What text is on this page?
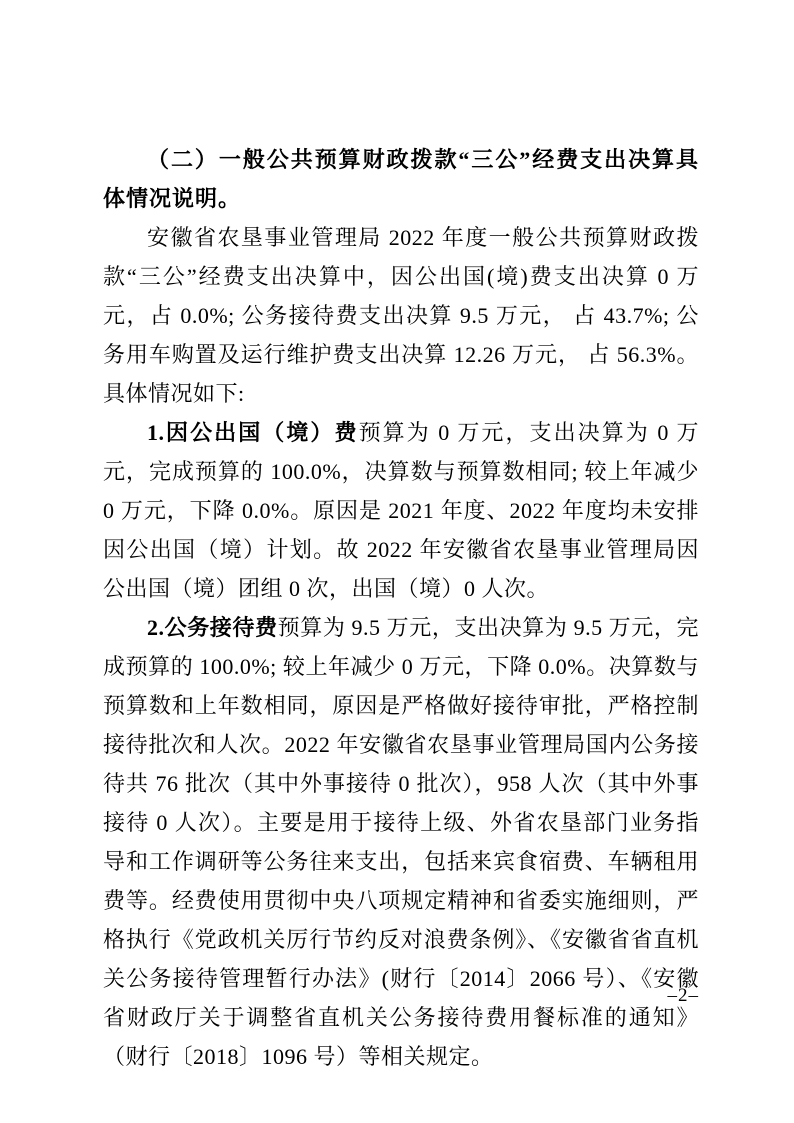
（二）一般公共预算财政拨款“三公”经费支出决算具体情况说明。

安徽省农垦事业管理局 2022 年度一般公共预算财政拨款“三公”经费支出决算中，因公出国(境)费支出决算 0 万元，占 0.0%; 公务接待费支出决算 9.5 万元， 占 43.7%; 公务用车购置及运行维护费支出决算 12.26 万元， 占 56.3%。具体情况如下:

1.因公出国（境）费预算为 0 万元，支出决算为 0 万元，完成预算的 100.0%，决算数与预算数相同; 较上年减少 0 万元，下降 0.0%。原因是 2021 年度、2022 年度均未安排因公出国（境）计划。故 2022 年安徽省农垦事业管理局因公出国（境）团组 0 次，出国（境）0 人次。

2.公务接待费预算为 9.5 万元，支出决算为 9.5 万元，完成预算的 100.0%; 较上年减少 0 万元，下降 0.0%。决算数与预算数和上年数相同，原因是严格做好接待审批，严格控制接待批次和人次。2022 年安徽省农垦事业管理局国内公务接待共 76 批次（其中外事接待 0 批次），958 人次（其中外事接待 0 人次）。主要是用于接待上级、外省农垦部门业务指导和工作调研等公务往来支出，包括来宾食宿费、车辆租用费等。经费使用贯彻中央八项规定精神和省委实施细则，严格执行《党政机关厉行节约反对浪费条例》、《安徽省省直机关公务接待管理暂行办法》(财行〔2014〕2066 号）、《安徽省财政厅关于调整省直机关公务接待费用餐标准的通知》（财行〔2018〕1096 号）等相关规定。

–2–
